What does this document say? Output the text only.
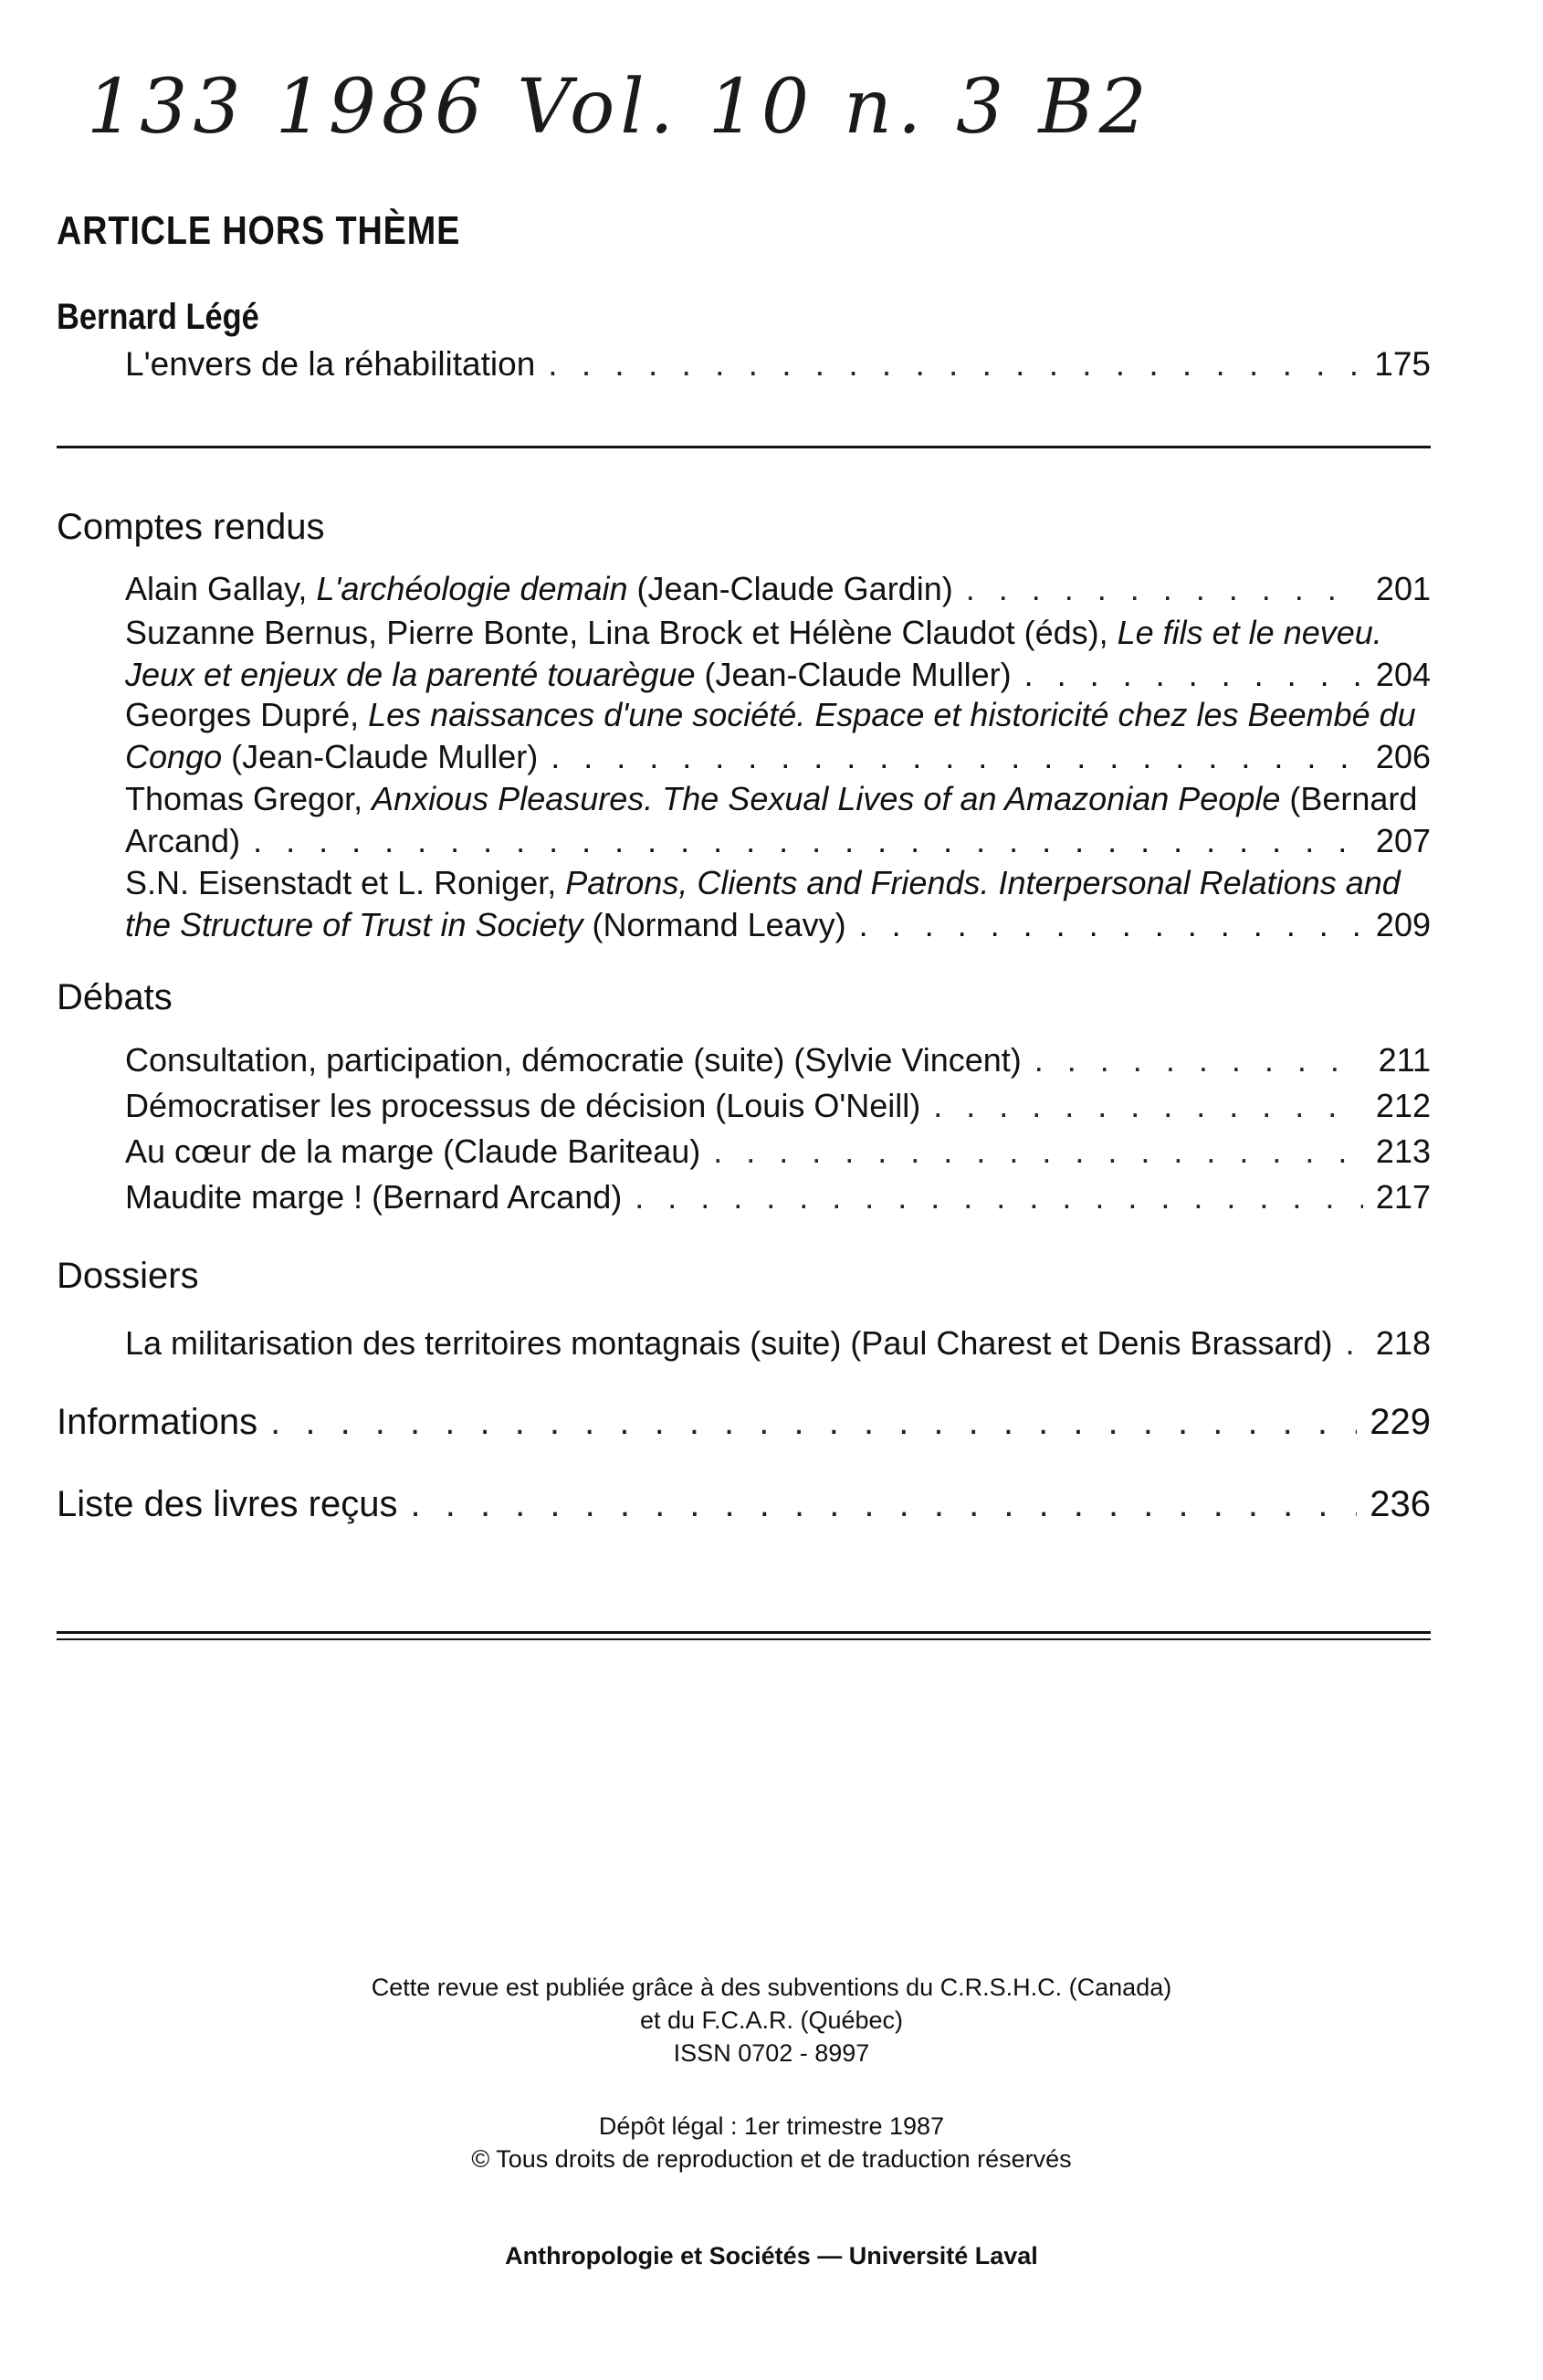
133 1986 Vol. 10 n. 3 B2
ARTICLE HORS THÈME
Bernard Légé
L'envers de la réhabilitation . . .	175
Comptes rendus
Alain Gallay, L'archéologie demain (Jean-Claude Gardin) . . .	201
Suzanne Bernus, Pierre Bonte, Lina Brock et Hélène Claudot (éds), Le fils et le neveu.
Jeux et enjeux de la parenté touarègue (Jean-Claude Muller) . . .	204
Georges Dupré, Les naissances d'une société. Espace et historicité chez les Beembé du
Congo (Jean-Claude Muller) . . .	206
Thomas Gregor, Anxious Pleasures. The Sexual Lives of an Amazonian People (Bernard
Arcand) . . .	207
S.N. Eisenstadt et L. Roniger, Patrons, Clients and Friends. Interpersonal Relations and
the Structure of Trust in Society (Normand Leavy) . . .	209
Débats
Consultation, participation, démocratie (suite) (Sylvie Vincent) . . .	211
Démocratiser les processus de décision (Louis O'Neill) . . .	212
Au cœur de la marge (Claude Bariteau) . . .	213
Maudite marge ! (Bernard Arcand) . . .	217
Dossiers
La militarisation des territoires montagnais (suite) (Paul Charest et Denis Brassard) . . . 218
Informations . . .	229
Liste des livres reçus . . .	236
Cette revue est publiée grâce à des subventions du C.R.S.H.C. (Canada)
et du F.C.A.R. (Québec)
ISSN 0702 - 8997
Dépôt légal : 1er trimestre 1987
© Tous droits de reproduction et de traduction réservés
Anthropologie et Sociétés — Université Laval
